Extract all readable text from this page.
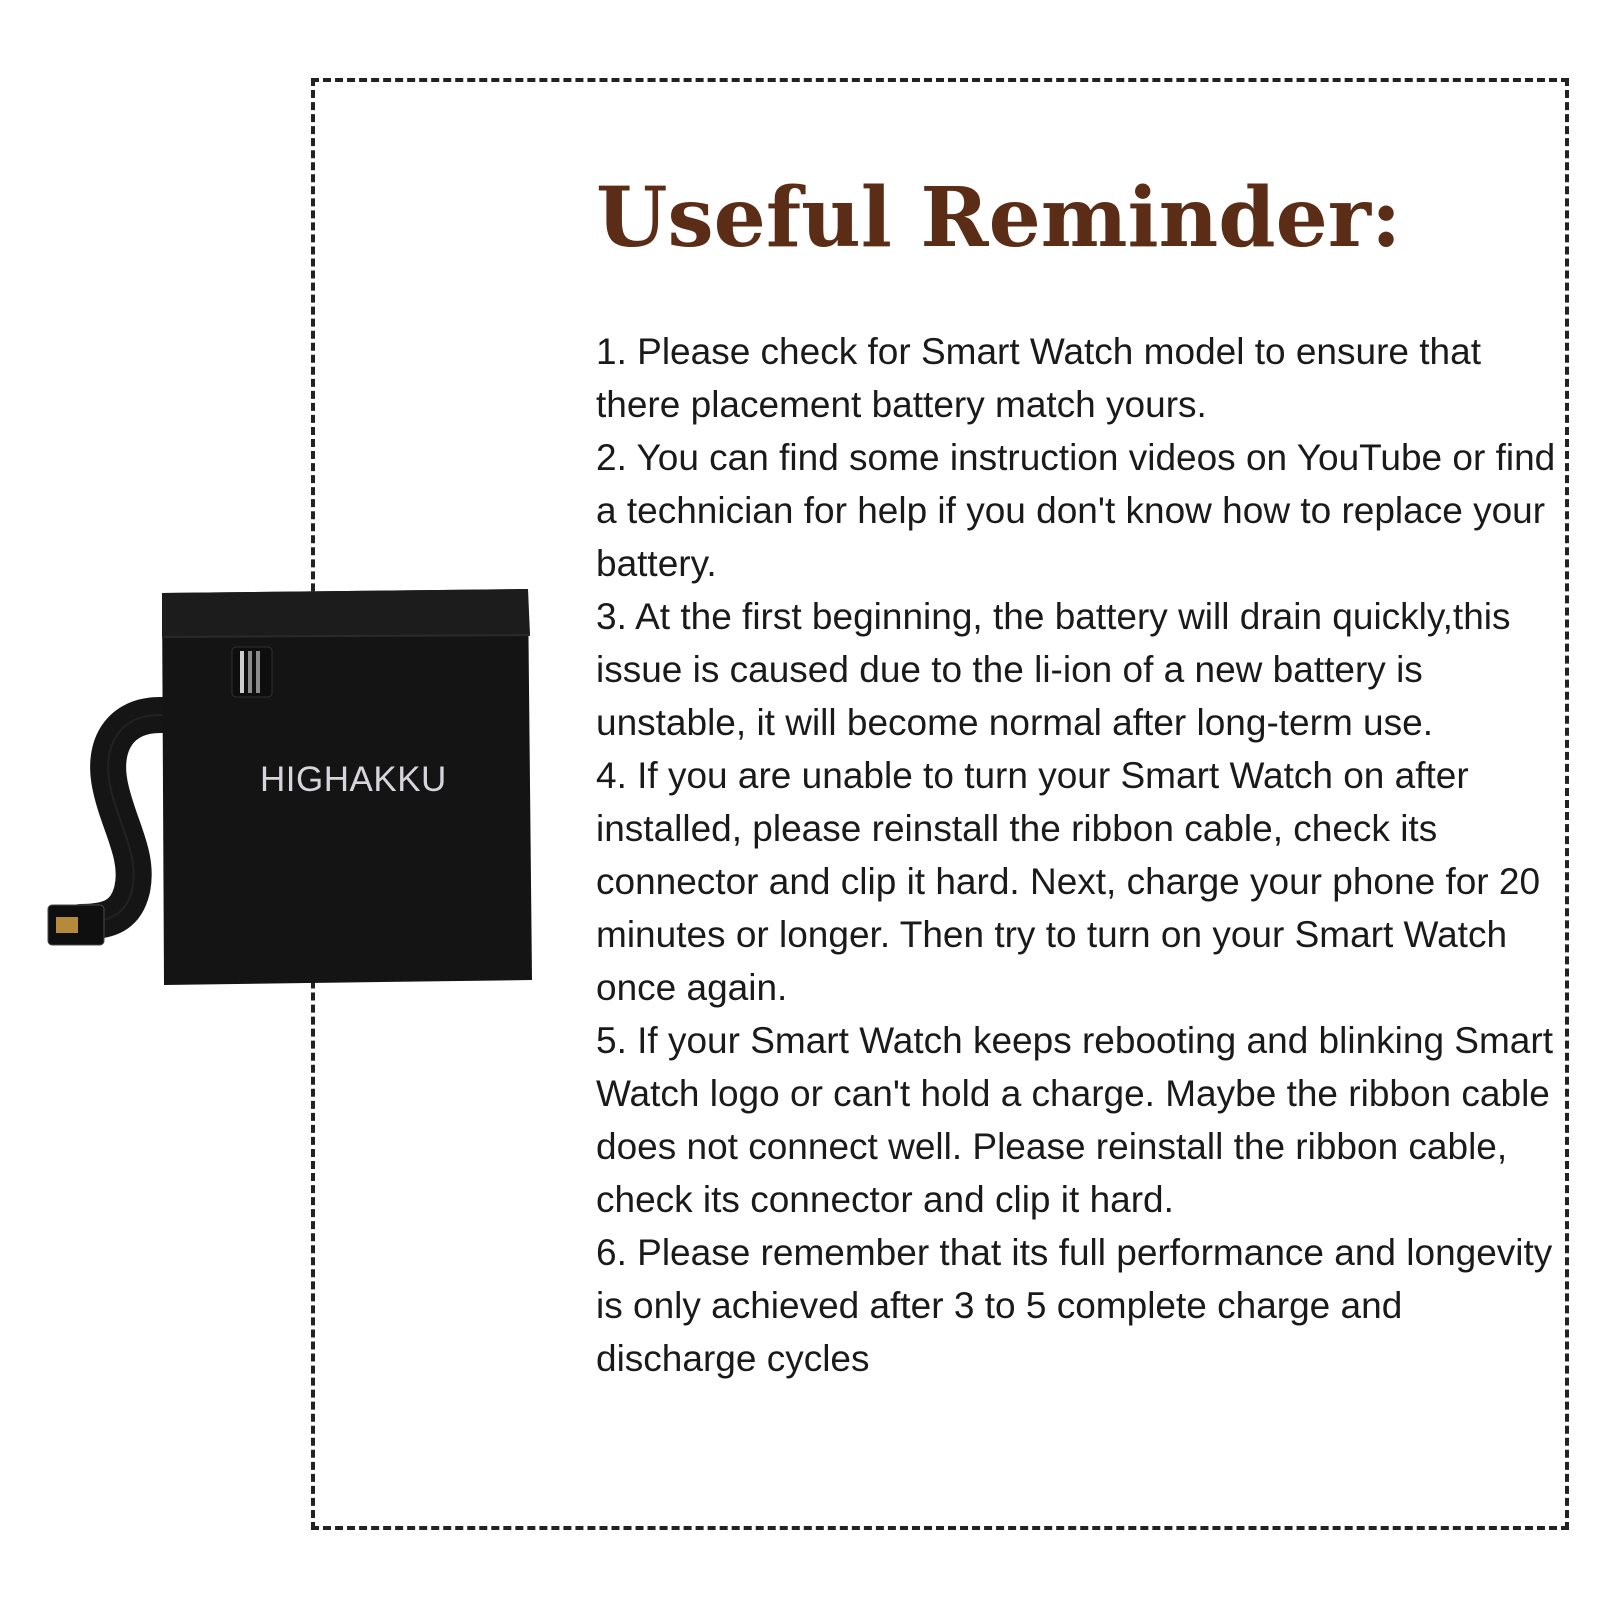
Useful Reminder:
1. Please check for Smart Watch model to ensure that there placement battery match yours.
2. You can find some instruction videos on YouTube or find a technician for help if you don't know how to replace your battery.
3. At the first beginning, the battery will drain quickly,this issue is caused due to the li-ion of a new battery is unstable, it will become normal after long-term use.
4. If you are unable to turn your Smart Watch on after installed, please reinstall the ribbon cable, check its connector and clip it hard. Next, charge your phone for 20 minutes or longer. Then try to turn on your Smart Watch once again.
5. If your Smart Watch keeps rebooting and blinking Smart Watch logo or can't hold a charge. Maybe the ribbon cable does not connect well. Please reinstall the ribbon cable, check its connector and clip it hard.
6. Please remember that its full performance and longevity is only achieved after 3 to 5 complete charge and discharge cycles
HIGHAKKU
